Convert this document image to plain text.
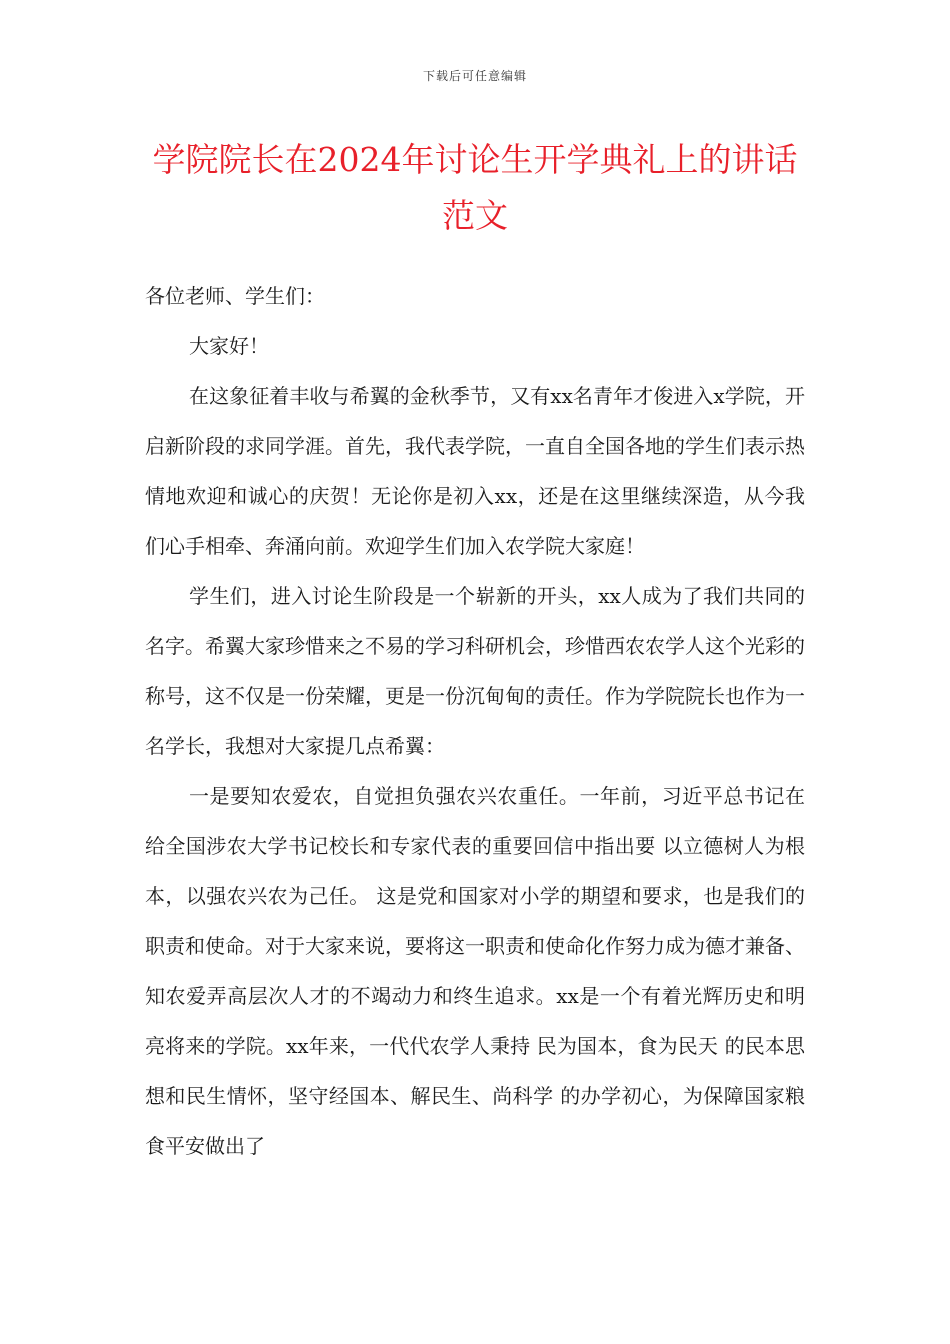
下载后可任意编辑
学院院长在2024年讨论生开学典礼上的讲话范文

各位老师、学生们：

大家好！

在这象征着丰收与希翼的金秋季节，又有xx名青年才俊进入x学院，开启新阶段的求同学涯。首先，我代表学院，一直自全国各地的学生们表示热情地欢迎和诚心的庆贺！无论你是初入xx，还是在这里继续深造，从今我们心手相牵、奔涌向前。欢迎学生们加入农学院大家庭！

学生们，进入讨论生阶段是一个崭新的开头，xx人成为了我们共同的名字。希翼大家珍惜来之不易的学习科研机会，珍惜西农农学人这个光彩的称号，这不仅是一份荣耀，更是一份沉甸甸的责任。作为学院院长也作为一名学长，我想对大家提几点希翼：

一是要知农爱农，自觉担负强农兴农重任。一年前，习近平总书记在给全国涉农大学书记校长和专家代表的重要回信中指出要 以立德树人为根本，以强农兴农为己任。 这是党和国家对小学的期望和要求，也是我们的职责和使命。对于大家来说，要将这一职责和使命化作努力成为德才兼备、知农爱弄高层次人才的不竭动力和终生追求。xx是一个有着光辉历史和明亮将来的学院。xx年来，一代代农学人秉持 民为国本，食为民天 的民本思想和民生情怀，坚守经国本、解民生、尚科学 的办学初心，为保障国家粮食平安做出了
